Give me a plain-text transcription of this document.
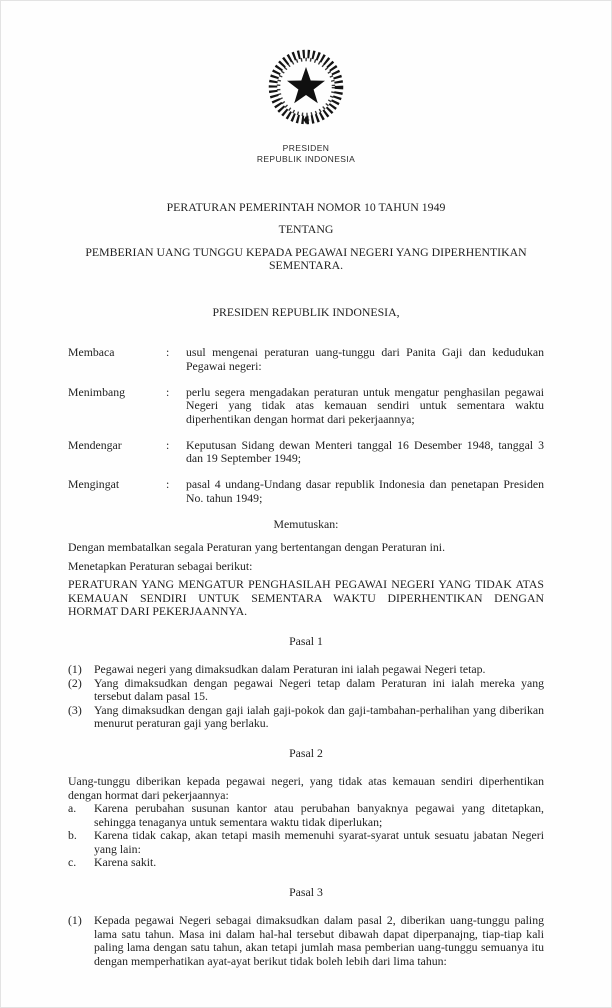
PRESIDEN
REPUBLIK INDONESIA
PERATURAN PEMERINTAH NOMOR 10 TAHUN 1949
TENTANG
PEMBERIAN UANG TUNGGU KEPADA PEGAWAI NEGERI YANG DIPERHENTIKAN SEMENTARA.
PRESIDEN REPUBLIK INDONESIA,
Membaca	:	usul mengenai peraturan uang-tunggu dari Panita Gaji dan kedudukan Pegawai negeri:
Menimbang	:	perlu segera mengadakan peraturan untuk mengatur penghasilan pegawai Negeri yang tidak atas kemauan sendiri untuk sementara waktu diperhentikan dengan hormat dari pekerjaannya;
Mendengar	:	Keputusan Sidang dewan Menteri tanggal 16 Desember 1948, tanggal 3 dan 19 September 1949;
Mengingat	:	pasal 4 undang-Undang dasar republik Indonesia dan penetapan Presiden No. tahun 1949;
Memutuskan:

Dengan membatalkan segala Peraturan yang bertentangan dengan Peraturan ini.

Menetapkan Peraturan sebagai berikut:

PERATURAN YANG MENGATUR PENGHASILAH PEGAWAI NEGERI YANG TIDAK ATAS KEMAUAN SENDIRI UNTUK SEMENTARA WAKTU DIPERHENTIKAN DENGAN HORMAT DARI PEKERJAANNYA.

Pasal 1
(1)	Pegawai negeri yang dimaksudkan dalam Peraturan ini ialah pegawai Negeri tetap.
(2)	Yang dimaksudkan dengan pegawai Negeri tetap dalam Peraturan ini ialah mereka yang tersebut dalam pasal 15.
(3)	Yang dimaksudkan dengan gaji ialah gaji-pokok dan gaji-tambahan-perhalihan yang diberikan menurut peraturan gaji yang berlaku.
Pasal 2

Uang-tunggu diberikan kepada pegawai negeri, yang tidak atas kemauan sendiri diperhentikan dengan hormat dari pekerjaannya:

a.	Karena perubahan susunan kantor atau perubahan banyaknya pegawai yang ditetapkan, sehingga tenaganya untuk sementara waktu tidak diperlukan;
b.	Karena tidak cakap, akan tetapi masih memenuhi syarat-syarat untuk sesuatu jabatan Negeri yang lain:
c.	Karena sakit.
Pasal 3
(1)	Kepada pegawai Negeri sebagai dimaksudkan dalam pasal 2, diberikan uang-tunggu paling lama satu tahun. Masa ini dalam hal-hal tersebut dibawah dapat diperpanajng, tiap-tiap kali paling lama dengan satu tahun, akan tetapi jumlah masa pemberian uang-tunggu semuanya itu dengan memperhatikan ayat-ayat berikut tidak boleh lebih dari lima tahun:
